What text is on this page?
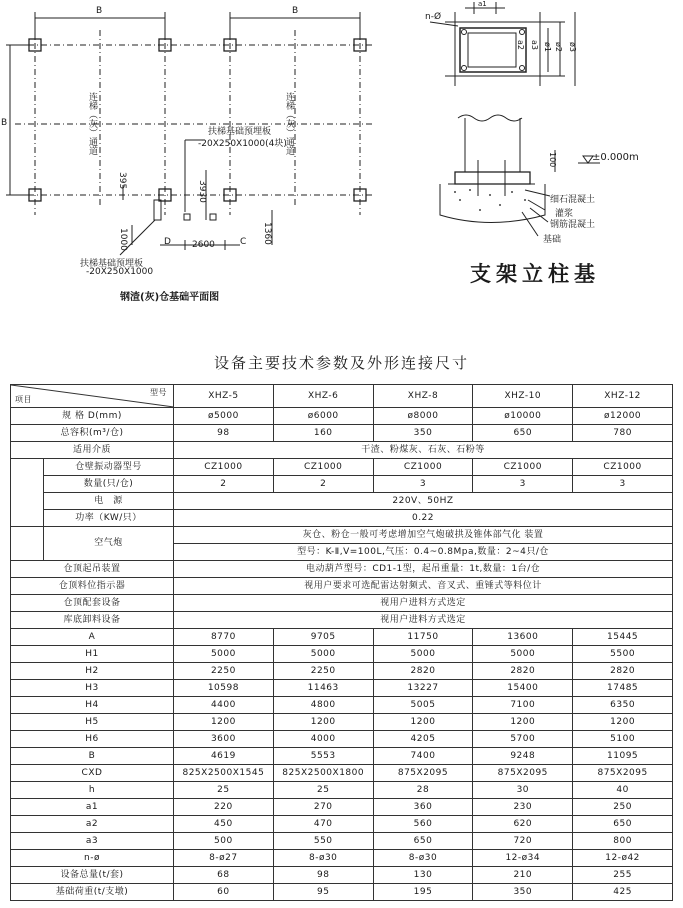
B	B
B	连梯（灰）通道	连梯（灰）通道
扶梯基础预埋板
-20X250X1000(4块)
395	3930
1000	2600
1360
D	C
扶梯基础预埋板
-20X250X1000
钢渣(灰)仓基础平面图
n-Ø
a1
a2 a3 ø1 ø2 ø3
±0.000m
100
细石混凝土
灌浆
钢筋混凝土
基础
支架立柱基
设备主要技术参数及外形连接尺寸
型号
项目		XHZ-5	XHZ-6	XHZ-8	XHZ-10	XHZ-12
规 格 D(mm)		ø5000	ø6000	ø8000	ø10000	ø12000
总容积(m³/仓)		98	160	350	650	780
适用介质		干渣、粉煤灰、石灰、石粉等				
	仓壁振动器型号	CZ1000	CZ1000	CZ1000	CZ1000	CZ1000
	数量(只/仓)	2	2	3	3	3
	电　源	220V、50HZ				
	功率（KW/只）	0.22				
	空气炮	灰仓、粉仓一般可考虑增加空气炮破拱及锥体部气化 装置				
		型号：K-Ⅱ,V=100L,气压：0.4~0.8Mpa,数量：2~4只/仓				
仓顶起吊装置		电动葫芦型号：CD1-1型，起吊重量：1t,数量：1台/仓				
仓顶料位指示器		视用户要求可选配雷达射频式、音叉式、重锤式等料位计				
仓顶配套设备		视用户进料方式选定				
库底卸料设备		视用户进料方式选定				
A		8770	9705	11750	13600	15445
H1		5000	5000	5000	5000	5500
H2		2250	2250	2820	2820	2820
H3		10598	11463	13227	15400	17485
H4		4400	4800	5005	7100	6350
H5		1200	1200	1200	1200	1200
H6		3600	4000	4205	5700	5100
B		4619	5553	7400	9248	11095
CXD		825X2500X1545	825X2500X1800	875X2095	875X2095	875X2095
h		25	25	28	30	40
a1		220	270	360	230	250
a2		450	470	560	620	650
a3		500	550	650	720	800
n-ø		8-ø27	8-ø30	8-ø30	12-ø34	12-ø42
设备总量(t/套)		68	98	130	210	255
基础荷重(t/支墩)		60	95	195	350	425
